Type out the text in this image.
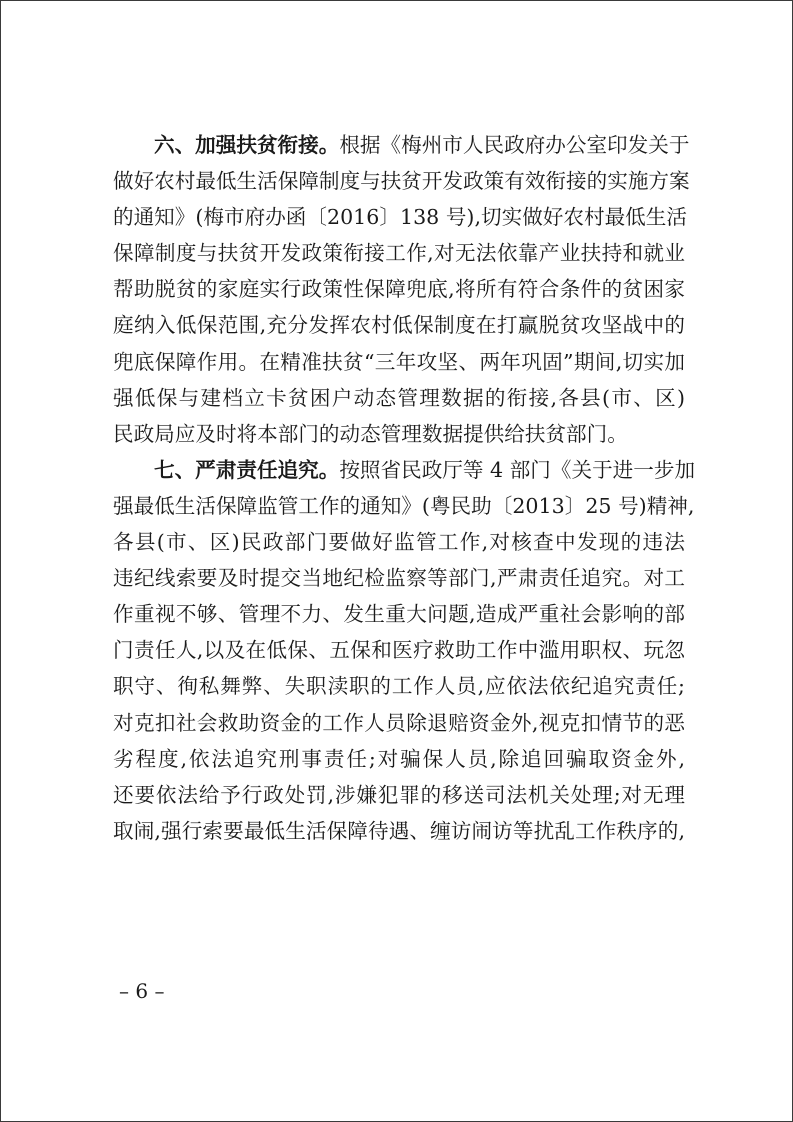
六、加强扶贫衔接。根据《梅州市人民政府办公室印发关于
做好农村最低生活保障制度与扶贫开发政策有效衔接的实施方案
的通知》(梅市府办函〔2016〕138 号),切实做好农村最低生活
保障制度与扶贫开发政策衔接工作,对无法依靠产业扶持和就业
帮助脱贫的家庭实行政策性保障兜底,将所有符合条件的贫困家
庭纳入低保范围,充分发挥农村低保制度在打赢脱贫攻坚战中的
兜底保障作用。在精准扶贫“三年攻坚、两年巩固”期间,切实加
强低保与建档立卡贫困户动态管理数据的衔接,各县(市、区)
民政局应及时将本部门的动态管理数据提供给扶贫部门。
七、严肃责任追究。按照省民政厅等 4 部门《关于进一步加
强最低生活保障监管工作的通知》(粤民助〔2013〕25 号)精神,
各县(市、区)民政部门要做好监管工作,对核查中发现的违法
违纪线索要及时提交当地纪检监察等部门,严肃责任追究。对工
作重视不够、管理不力、发生重大问题,造成严重社会影响的部
门责任人,以及在低保、五保和医疗救助工作中滥用职权、玩忽
职守、徇私舞弊、失职渎职的工作人员,应依法依纪追究责任;
对克扣社会救助资金的工作人员除退赔资金外,视克扣情节的恶
劣程度,依法追究刑事责任;对骗保人员,除追回骗取资金外,
还要依法给予行政处罚,涉嫌犯罪的移送司法机关处理;对无理
取闹,强行索要最低生活保障待遇、缠访闹访等扰乱工作秩序的,
– 6 –
